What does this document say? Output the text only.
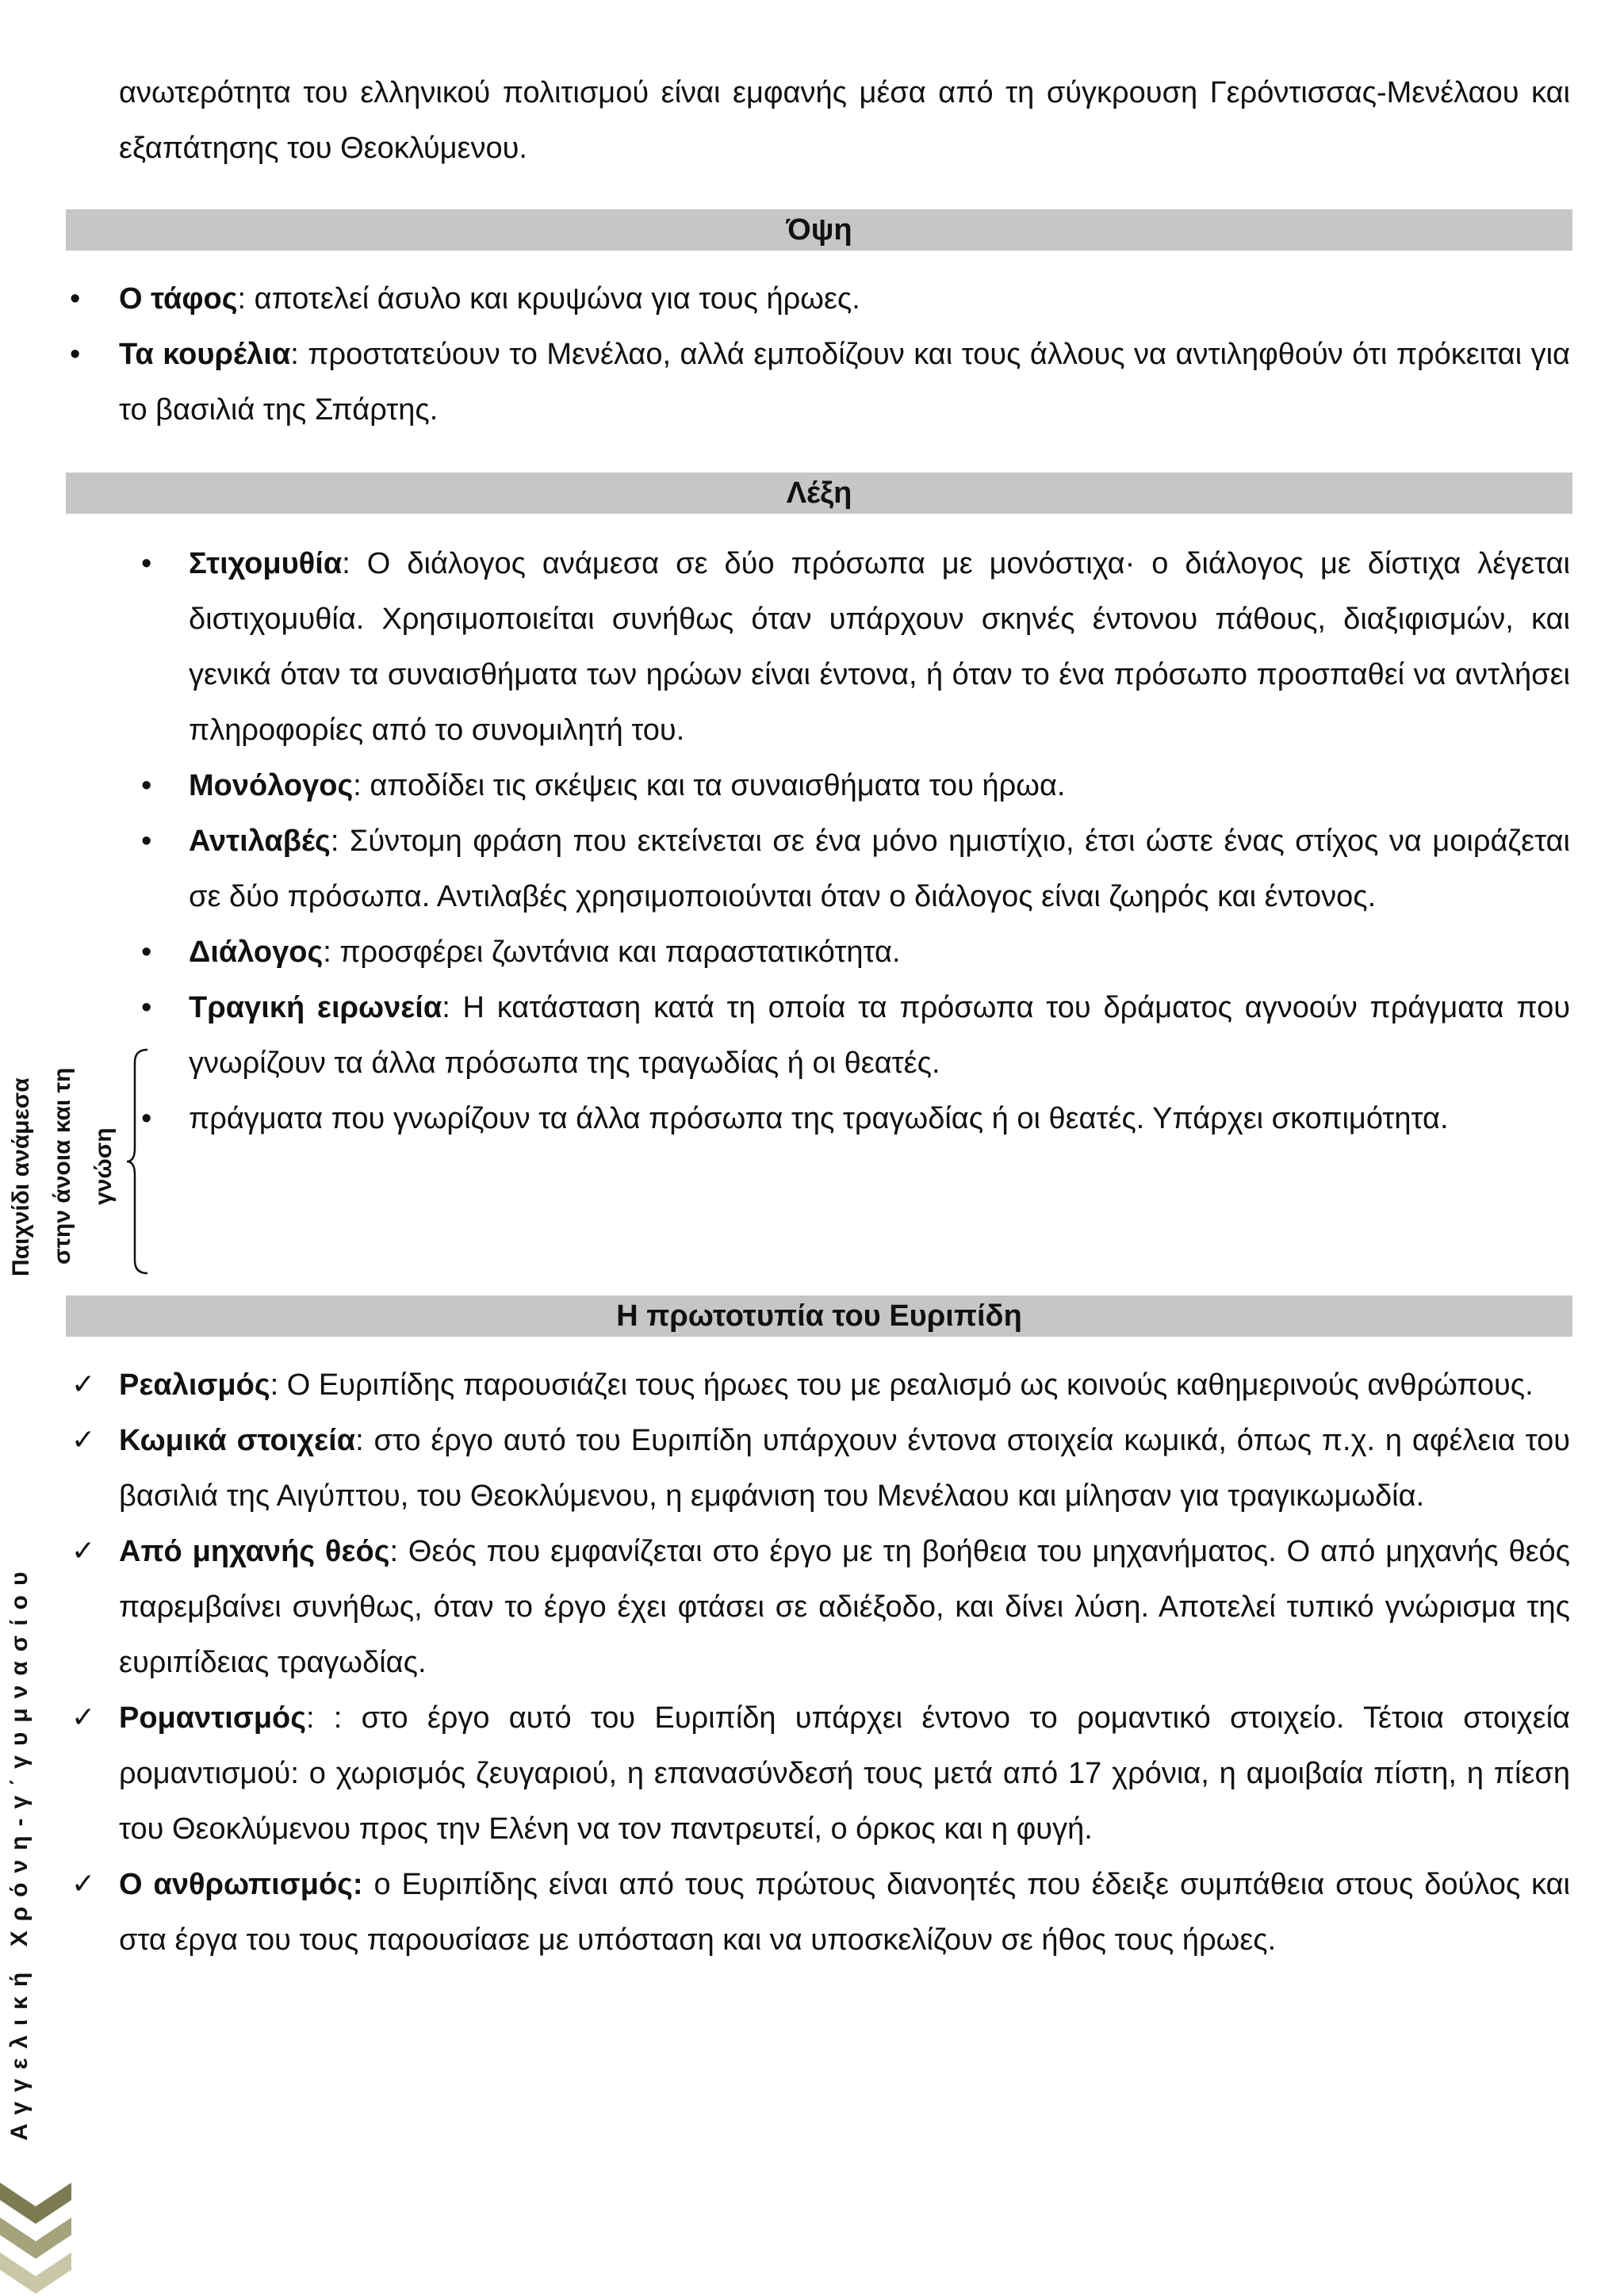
ανωτερότητα του ελληνικού πολιτισμού είναι εμφανής μέσα από τη σύγκρουση Γερόντισσας-Μενέλαου και εξαπάτησης του Θεοκλύμενου.

Όψη
• Ο τάφος: αποτελεί άσυλο και κρυψώνα για τους ήρωες.
• Τα κουρέλια: προστατεύουν το Μενέλαο, αλλά εμποδίζουν και τους άλλους να αντιληφθούν ότι πρόκειται για το βασιλιά της Σπάρτης.
Λέξη
• Στιχομυθία: Ο διάλογος ανάμεσα σε δύο πρόσωπα με μονόστιχα· ο διάλογος με δίστιχα λέγεται διστιχομυθία. Χρησιμοποιείται συνήθως όταν υπάρχουν σκηνές έντονου πάθους, διαξιφισμών, και γενικά όταν τα συναισθήματα των ηρώων είναι έντονα, ή όταν το ένα πρόσωπο προσπαθεί να αντλήσει πληροφορίες από το συνομιλητή του.
• Μονόλογος: αποδίδει τις σκέψεις και τα συναισθήματα του ήρωα.
• Αντιλαβές: Σύντομη φράση που εκτείνεται σε ένα μόνο ημιστίχιο, έτσι ώστε ένας στίχος να μοιράζεται σε δύο πρόσωπα. Αντιλαβές χρησιμοποιούνται όταν ο διάλογος είναι ζωηρός και έντονος.
• Διάλογος: προσφέρει ζωντάνια και παραστατικότητα.
• Τραγική ειρωνεία: Η κατάσταση κατά τη οποία τα πρόσωπα του δράματος αγνοούν πράγματα που γνωρίζουν τα άλλα πρόσωπα της τραγωδίας ή οι θεατές.
• πράγματα που γνωρίζουν τα άλλα πρόσωπα της τραγωδίας ή οι θεατές. Υπάρχει σκοπιμότητα.
Παιχνίδι ανάμεσα στην άνοια και τη γνώση
Η πρωτοτυπία του Ευριπίδη
✓ Ρεαλισμός: Ο Ευριπίδης παρουσιάζει τους ήρωες του με ρεαλισμό ως κοινούς καθημερινούς ανθρώπους.
✓ Κωμικά στοιχεία: στο έργο αυτό του Ευριπίδη υπάρχουν έντονα στοιχεία κωμικά, όπως π.χ. η αφέλεια του βασιλιά της Αιγύπτου, του Θεοκλύμενου, η εμφάνιση του Μενέλαου και μίλησαν για τραγικωμωδία.
✓ Από μηχανής θεός: Θεός που εμφανίζεται στο έργο με τη βοήθεια του μηχανήματος. Ο από μηχανής θεός παρεμβαίνει συνήθως, όταν το έργο έχει φτάσει σε αδιέξοδο, και δίνει λύση. Αποτελεί τυπικό γνώρισμα της ευριπίδειας τραγωδίας.
✓ Ρομαντισμός: : στο έργο αυτό του Ευριπίδη υπάρχει έντονο το ρομαντικό στοιχείο. Τέτοια στοιχεία ρομαντισμού: ο χωρισμός ζευγαριού, η επανασύνδεσή τους μετά από 17 χρόνια, η αμοιβαία πίστη, η πίεση του Θεοκλύμενου προς την Ελένη να τον παντρευτεί, ο όρκος και η φυγή.
✓ Ο ανθρωπισμός: ο Ευριπίδης είναι από τους πρώτους διανοητές που έδειξε συμπάθεια στους δούλος και στα έργα του τους παρουσίασε με υπόσταση και να υποσκελίζουν σε ήθος τους ήρωες.
Αγγελική Χρόνη-γ΄γυμνασίου
